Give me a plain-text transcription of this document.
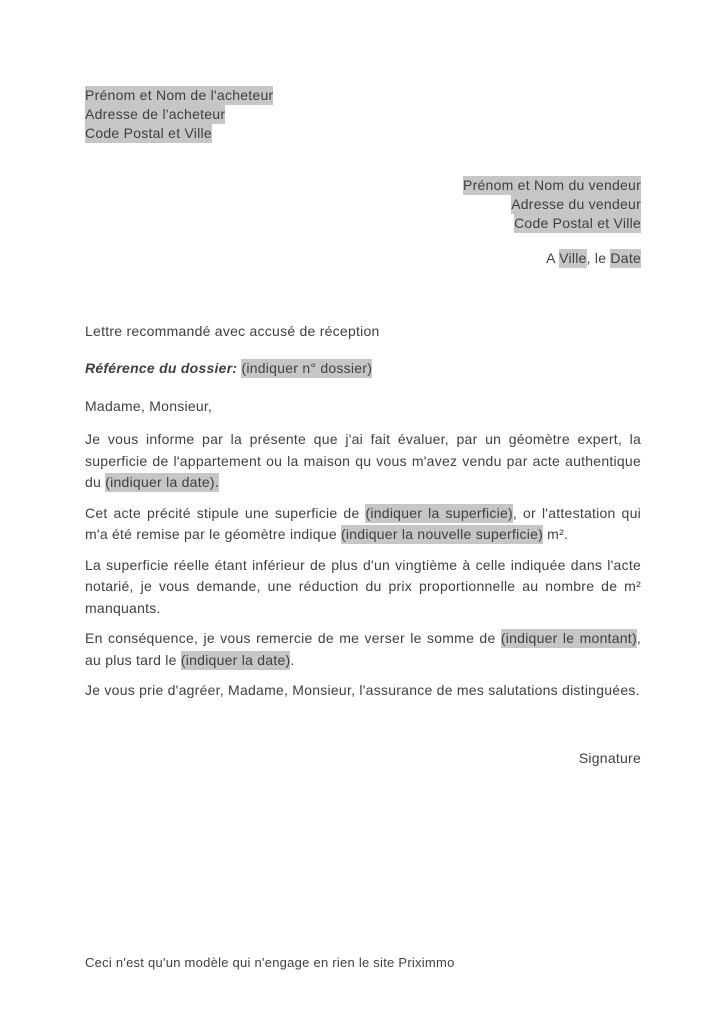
Prénom et Nom de l'acheteur
Adresse de l'acheteur
Code Postal et Ville
Prénom et Nom du vendeur
Adresse du vendeur
Code Postal et Ville
A Ville, le Date

Lettre recommandé avec accusé de réception

Référence du dossier: (indiquer n° dossier)

Madame, Monsieur,

Je vous informe par la présente que j'ai fait évaluer, par un géomètre expert, la superficie de l'appartement ou la maison qu vous m'avez vendu par acte authentique du (indiquer la date).

Cet acte précité stipule une superficie de (indiquer la superficie), or l'attestation qui m'a été remise par le géomètre indique (indiquer la nouvelle superficie) m².

La superficie réelle étant inférieur de plus d'un vingtième à celle indiquée dans l'acte notarié, je vous demande, une réduction du prix proportionnelle au nombre de m² manquants.

En conséquence, je vous remercie de me verser le somme de (indiquer le montant), au plus tard le (indiquer la date).

Je vous prie d'agréer, Madame, Monsieur, l'assurance de mes salutations distinguées.

Signature
Ceci n'est qu'un modèle qui n'engage en rien le site Priximmo
